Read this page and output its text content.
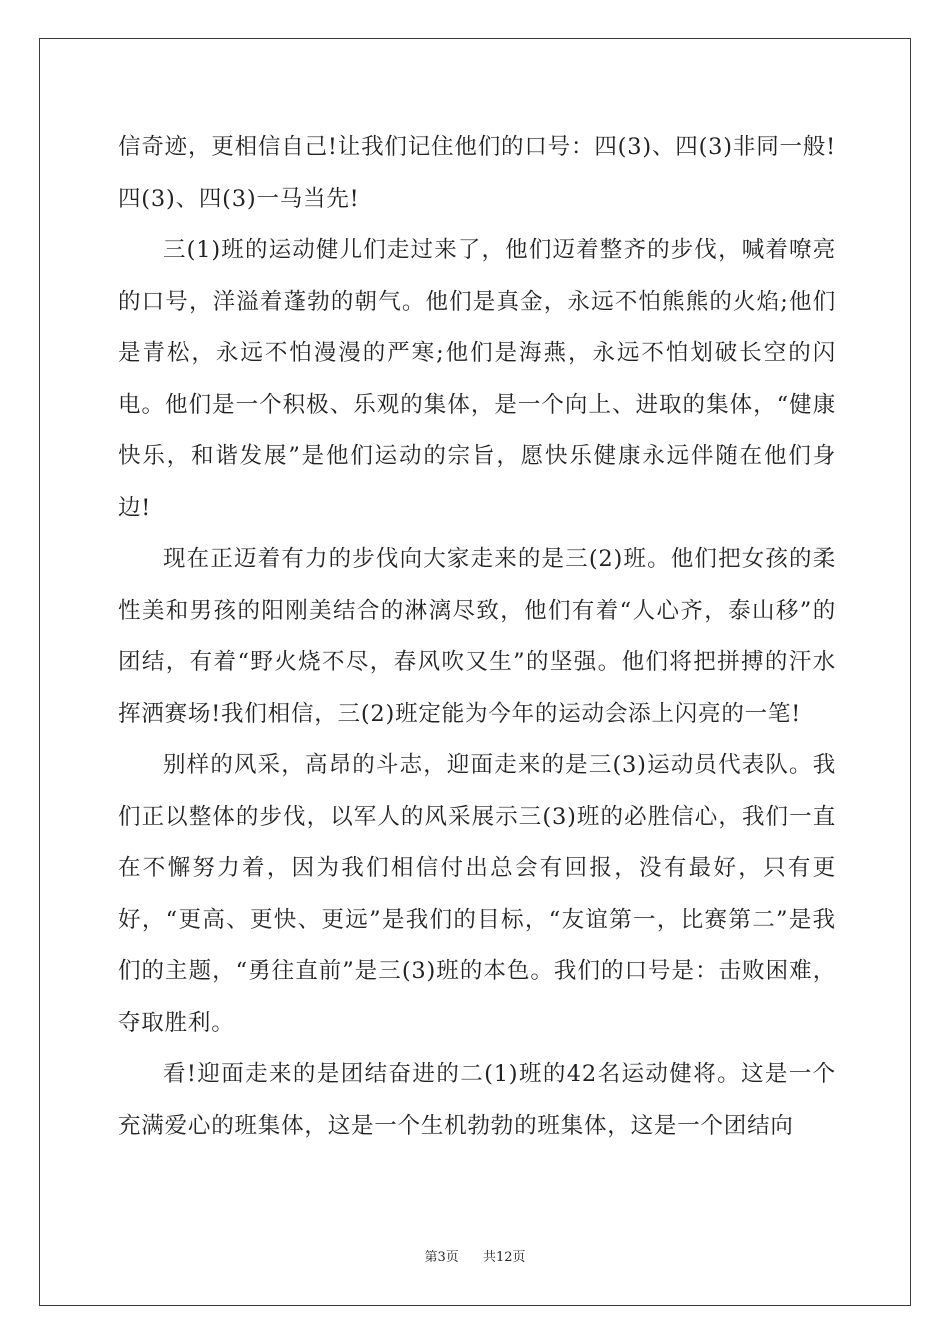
信奇迹，更相信自己!让我们记住他们的口号：四(3)、四(3)非同一般!四(3)、四(3)一马当先!

三(1)班的运动健儿们走过来了，他们迈着整齐的步伐，喊着嘹亮的口号，洋溢着蓬勃的朝气。他们是真金，永远不怕熊熊的火焰;他们是青松，永远不怕漫漫的严寒;他们是海燕，永远不怕划破长空的闪电。他们是一个积极、乐观的集体，是一个向上、进取的集体，“健康快乐，和谐发展”是他们运动的宗旨，愿快乐健康永远伴随在他们身边!

现在正迈着有力的步伐向大家走来的是三(2)班。他们把女孩的柔性美和男孩的阳刚美结合的淋漓尽致，他们有着“人心齐，泰山移”的团结，有着“野火烧不尽，春风吹又生”的坚强。他们将把拼搏的汗水挥洒赛场!我们相信，三(2)班定能为今年的运动会添上闪亮的一笔!

别样的风采，高昂的斗志，迎面走来的是三(3)运动员代表队。我们正以整体的步伐，以军人的风采展示三(3)班的必胜信心，我们一直在不懈努力着，因为我们相信付出总会有回报，没有最好，只有更好，“更高、更快、更远”是我们的目标，“友谊第一，比赛第二”是我们的主题，“勇往直前”是三(3)班的本色。我们的口号是：击败困难，夺取胜利。

看!迎面走来的是团结奋进的二(1)班的42名运动健将。这是一个充满爱心的班集体，这是一个生机勃勃的班集体，这是一个团结向

第3页 共12页
